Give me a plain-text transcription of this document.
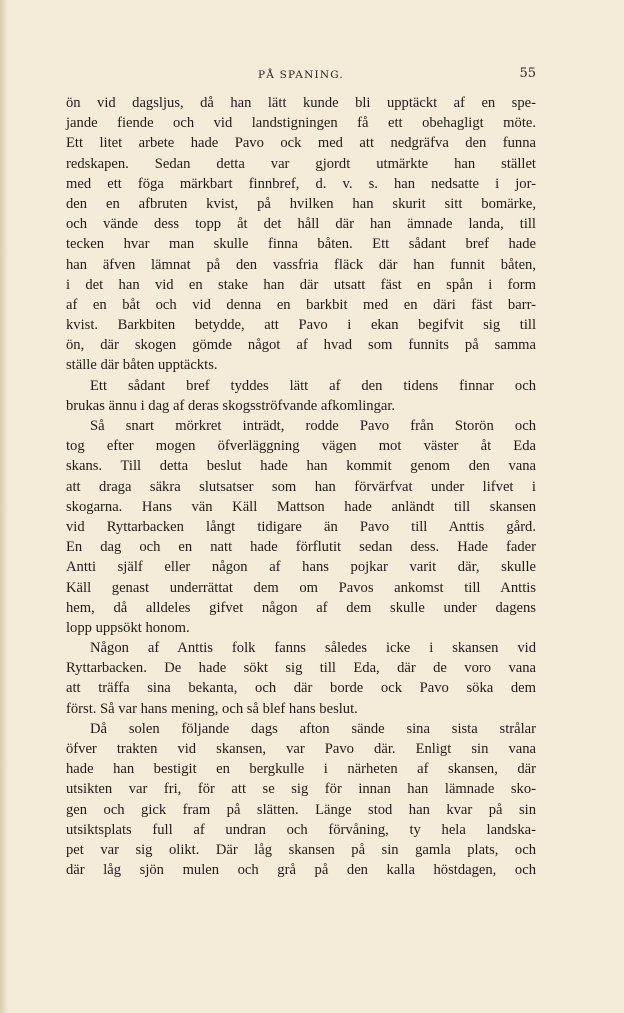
PÅ SPANING.	55
ön vid dagsljus, då han lätt kunde bli upptäckt af en spe-
jande fiende och vid landstigningen få ett obehagligt möte.
Ett litet arbete hade Pavo ock med att nedgräfva den funna
redskapen. Sedan detta var gjordt utmärkte han stället
med ett föga märkbart finnbref, d. v. s. han nedsatte i jor-
den en afbruten kvist, på hvilken han skurit sitt bomärke,
och vände dess topp åt det håll där han ämnade landa, till
tecken hvar man skulle finna båten. Ett sådant bref hade
han äfven lämnat på den vassfria fläck där han funnit båten,
i det han vid en stake han där utsatt fäst en spån i form
af en båt och vid denna en barkbit med en däri fäst barr-
kvist. Barkbiten betydde, att Pavo i ekan begifvit sig till
ön, där skogen gömde något af hvad som funnits på samma
ställe där båten upptäckts.
Ett sådant bref tyddes lätt af den tidens finnar och
brukas ännu i dag af deras skogsströfvande afkomlingar.
Så snart mörkret inträdt, rodde Pavo från Storön och
tog efter mogen öfverläggning vägen mot väster åt Eda
skans. Till detta beslut hade han kommit genom den vana
att draga säkra slutsatser som han förvärfvat under lifvet i
skogarna. Hans vän Käll Mattson hade anländt till skansen
vid Ryttarbacken långt tidigare än Pavo till Anttis gård.
En dag och en natt hade förflutit sedan dess. Hade fader
Antti själf eller någon af hans pojkar varit där, skulle
Käll genast underrättat dem om Pavos ankomst till Anttis
hem, då alldeles gifvet någon af dem skulle under dagens
lopp uppsökt honom.
Någon af Anttis folk fanns således icke i skansen vid
Ryttarbacken. De hade sökt sig till Eda, där de voro vana
att träffa sina bekanta, och där borde ock Pavo söka dem
först. Så var hans mening, och så blef hans beslut.
Då solen följande dags afton sände sina sista strålar
öfver trakten vid skansen, var Pavo där. Enligt sin vana
hade han bestigit en bergkulle i närheten af skansen, där
utsikten var fri, för att se sig för innan han lämnade sko-
gen och gick fram på slätten. Länge stod han kvar på sin
utsiktsplats full af undran och förvåning, ty hela landska-
pet var sig olikt. Där låg skansen på sin gamla plats, och
där låg sjön mulen och grå på den kalla höstdagen, och
